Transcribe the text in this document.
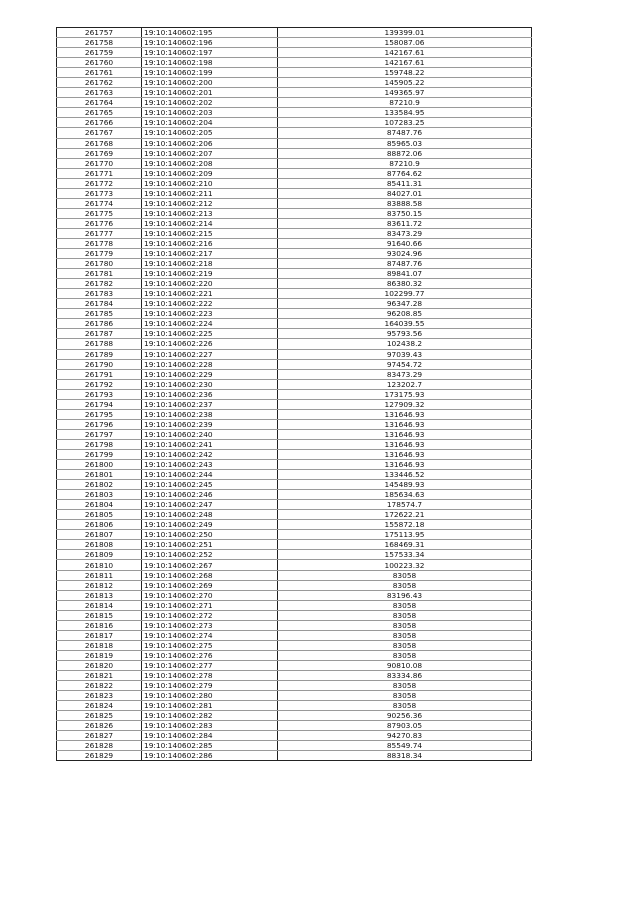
261757	19:10:140602:195	139399.01
261758	19:10:140602:196	158087.06
261759	19:10:140602:197	142167.61
261760	19:10:140602:198	142167.61
261761	19:10:140602:199	159748.22
261762	19:10:140602:200	145905.22
261763	19:10:140602:201	149365.97
261764	19:10:140602:202	87210.9
261765	19:10:140602:203	133584.95
261766	19:10:140602:204	107283.25
261767	19:10:140602:205	87487.76
261768	19:10:140602:206	85965.03
261769	19:10:140602:207	88872.06
261770	19:10:140602:208	87210.9
261771	19:10:140602:209	87764.62
261772	19:10:140602:210	85411.31
261773	19:10:140602:211	84027.01
261774	19:10:140602:212	83888.58
261775	19:10:140602:213	83750.15
261776	19:10:140602:214	83611.72
261777	19:10:140602:215	83473.29
261778	19:10:140602:216	91640.66
261779	19:10:140602:217	93024.96
261780	19:10:140602:218	87487.76
261781	19:10:140602:219	89841.07
261782	19:10:140602:220	86380.32
261783	19:10:140602:221	102299.77
261784	19:10:140602:222	96347.28
261785	19:10:140602:223	96208.85
261786	19:10:140602:224	164039.55
261787	19:10:140602:225	95793.56
261788	19:10:140602:226	102438.2
261789	19:10:140602:227	97039.43
261790	19:10:140602:228	97454.72
261791	19:10:140602:229	83473.29
261792	19:10:140602:230	123202.7
261793	19:10:140602:236	173175.93
261794	19:10:140602:237	127909.32
261795	19:10:140602:238	131646.93
261796	19:10:140602:239	131646.93
261797	19:10:140602:240	131646.93
261798	19:10:140602:241	131646.93
261799	19:10:140602:242	131646.93
261800	19:10:140602:243	131646.93
261801	19:10:140602:244	133446.52
261802	19:10:140602:245	145489.93
261803	19:10:140602:246	185634.63
261804	19:10:140602:247	178574.7
261805	19:10:140602:248	172622.21
261806	19:10:140602:249	155872.18
261807	19:10:140602:250	175113.95
261808	19:10:140602:251	168469.31
261809	19:10:140602:252	157533.34
261810	19:10:140602:267	100223.32
261811	19:10:140602:268	83058
261812	19:10:140602:269	83058
261813	19:10:140602:270	83196.43
261814	19:10:140602:271	83058
261815	19:10:140602:272	83058
261816	19:10:140602:273	83058
261817	19:10:140602:274	83058
261818	19:10:140602:275	83058
261819	19:10:140602:276	83058
261820	19:10:140602:277	90810.08
261821	19:10:140602:278	83334.86
261822	19:10:140602:279	83058
261823	19:10:140602:280	83058
261824	19:10:140602:281	83058
261825	19:10:140602:282	90256.36
261826	19:10:140602:283	87903.05
261827	19:10:140602:284	94270.83
261828	19:10:140602:285	85549.74
261829	19:10:140602:286	88318.34
